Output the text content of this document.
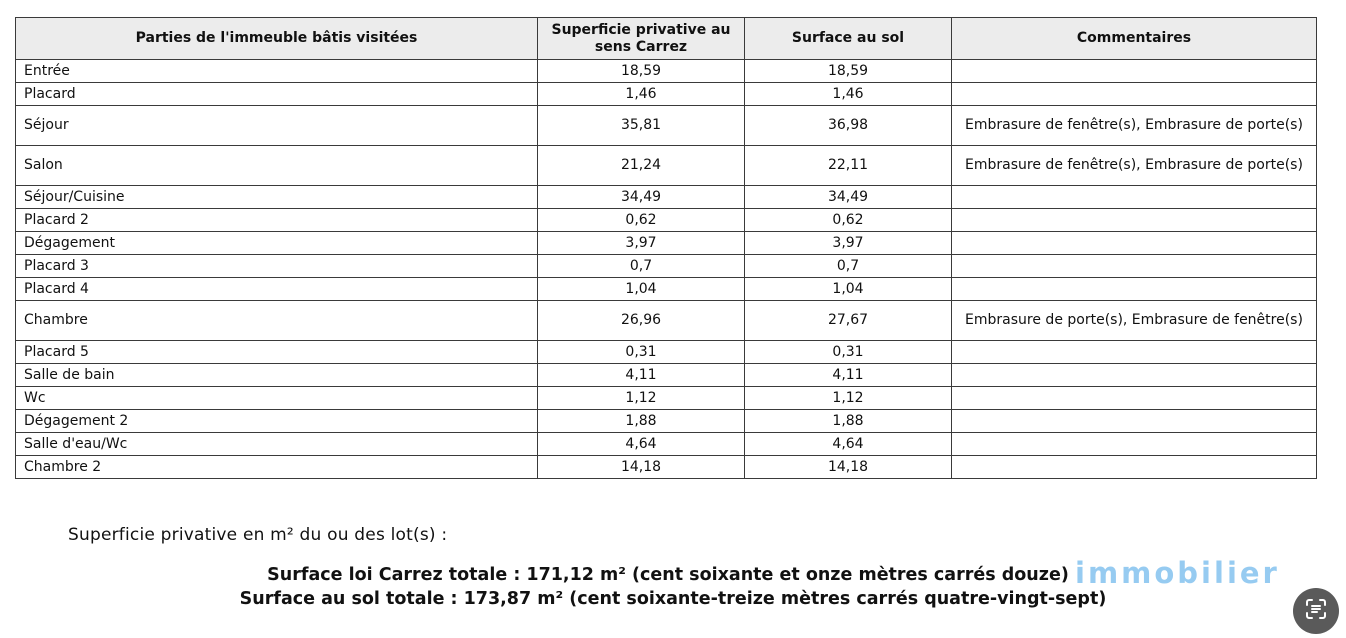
Parties de l'immeuble bâtis visitées	Superficie privative au sens Carrez	Surface au sol	Commentaires
Entrée	18,59	18,59	
Placard	1,46	1,46	
Séjour	35,81	36,98	Embrasure de fenêtre(s), Embrasure de porte(s)
Salon	21,24	22,11	Embrasure de fenêtre(s), Embrasure de porte(s)
Séjour/Cuisine	34,49	34,49	
Placard 2	0,62	0,62	
Dégagement	3,97	3,97	
Placard 3	0,7	0,7	
Placard 4	1,04	1,04	
Chambre	26,96	27,67	Embrasure de porte(s), Embrasure de fenêtre(s)
Placard 5	0,31	0,31	
Salle de bain	4,11	4,11	
Wc	1,12	1,12	
Dégagement 2	1,88	1,88	
Salle d'eau/Wc	4,64	4,64	
Chambre 2	14,18	14,18	
Superficie privative en m² du ou des lot(s) :
Surface loi Carrez totale : 171,12 m² (cent soixante et onze mètres carrés douze)
Surface au sol totale : 173,87 m² (cent soixante-treize mètres carrés quatre-vingt-sept)
immobilier
